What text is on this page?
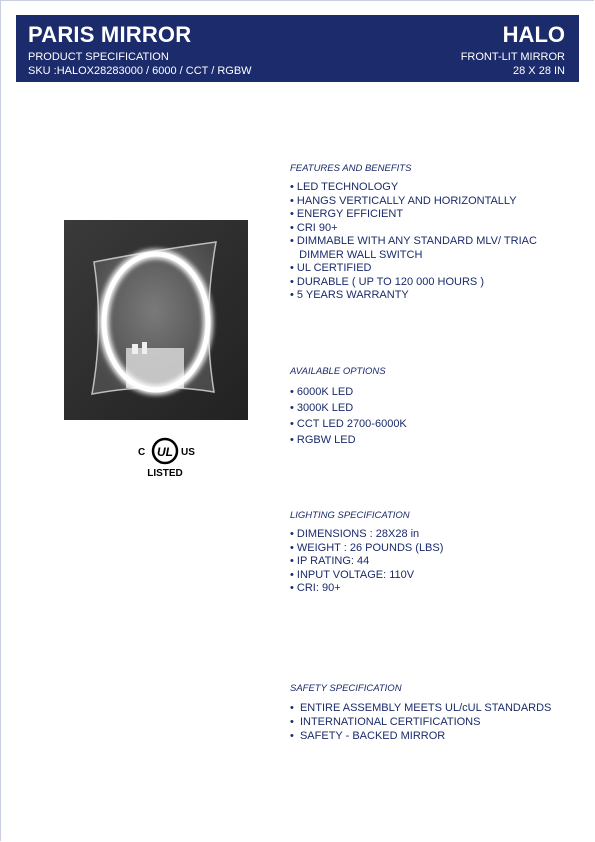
PARIS MIRROR
PRODUCT SPECIFICATION
SKU :HALOX28283000 / 6000 / CCT / RGBW
HALO
FRONT-LIT MIRROR
28 X 28 IN
UL
C	US
LISTED
FEATURES AND BENEFITS
• LED TECHNOLOGY
• HANGS VERTICALLY AND HORIZONTALLY
• ENERGY EFFICIENT
• CRI 90+
• DIMMABLE WITH ANY STANDARD MLV/ TRIAC
DIMMER WALL SWITCH
• UL CERTIFIED
• DURABLE ( UP TO 120 000 HOURS )
• 5 YEARS WARRANTY
AVAILABLE OPTIONS
• 6000K LED
• 3000K LED
• CCT LED 2700-6000K
• RGBW LED
LIGHTING SPECIFICATION
• DIMENSIONS : 28X28 in
• WEIGHT : 26 POUNDS (LBS)
• IP RATING: 44
• INPUT VOLTAGE: 110V
• CRI: 90+
SAFETY SPECIFICATION
•  ENTIRE ASSEMBLY MEETS UL/cUL STANDARDS
•  INTERNATIONAL CERTIFICATIONS
•  SAFETY - BACKED MIRROR
